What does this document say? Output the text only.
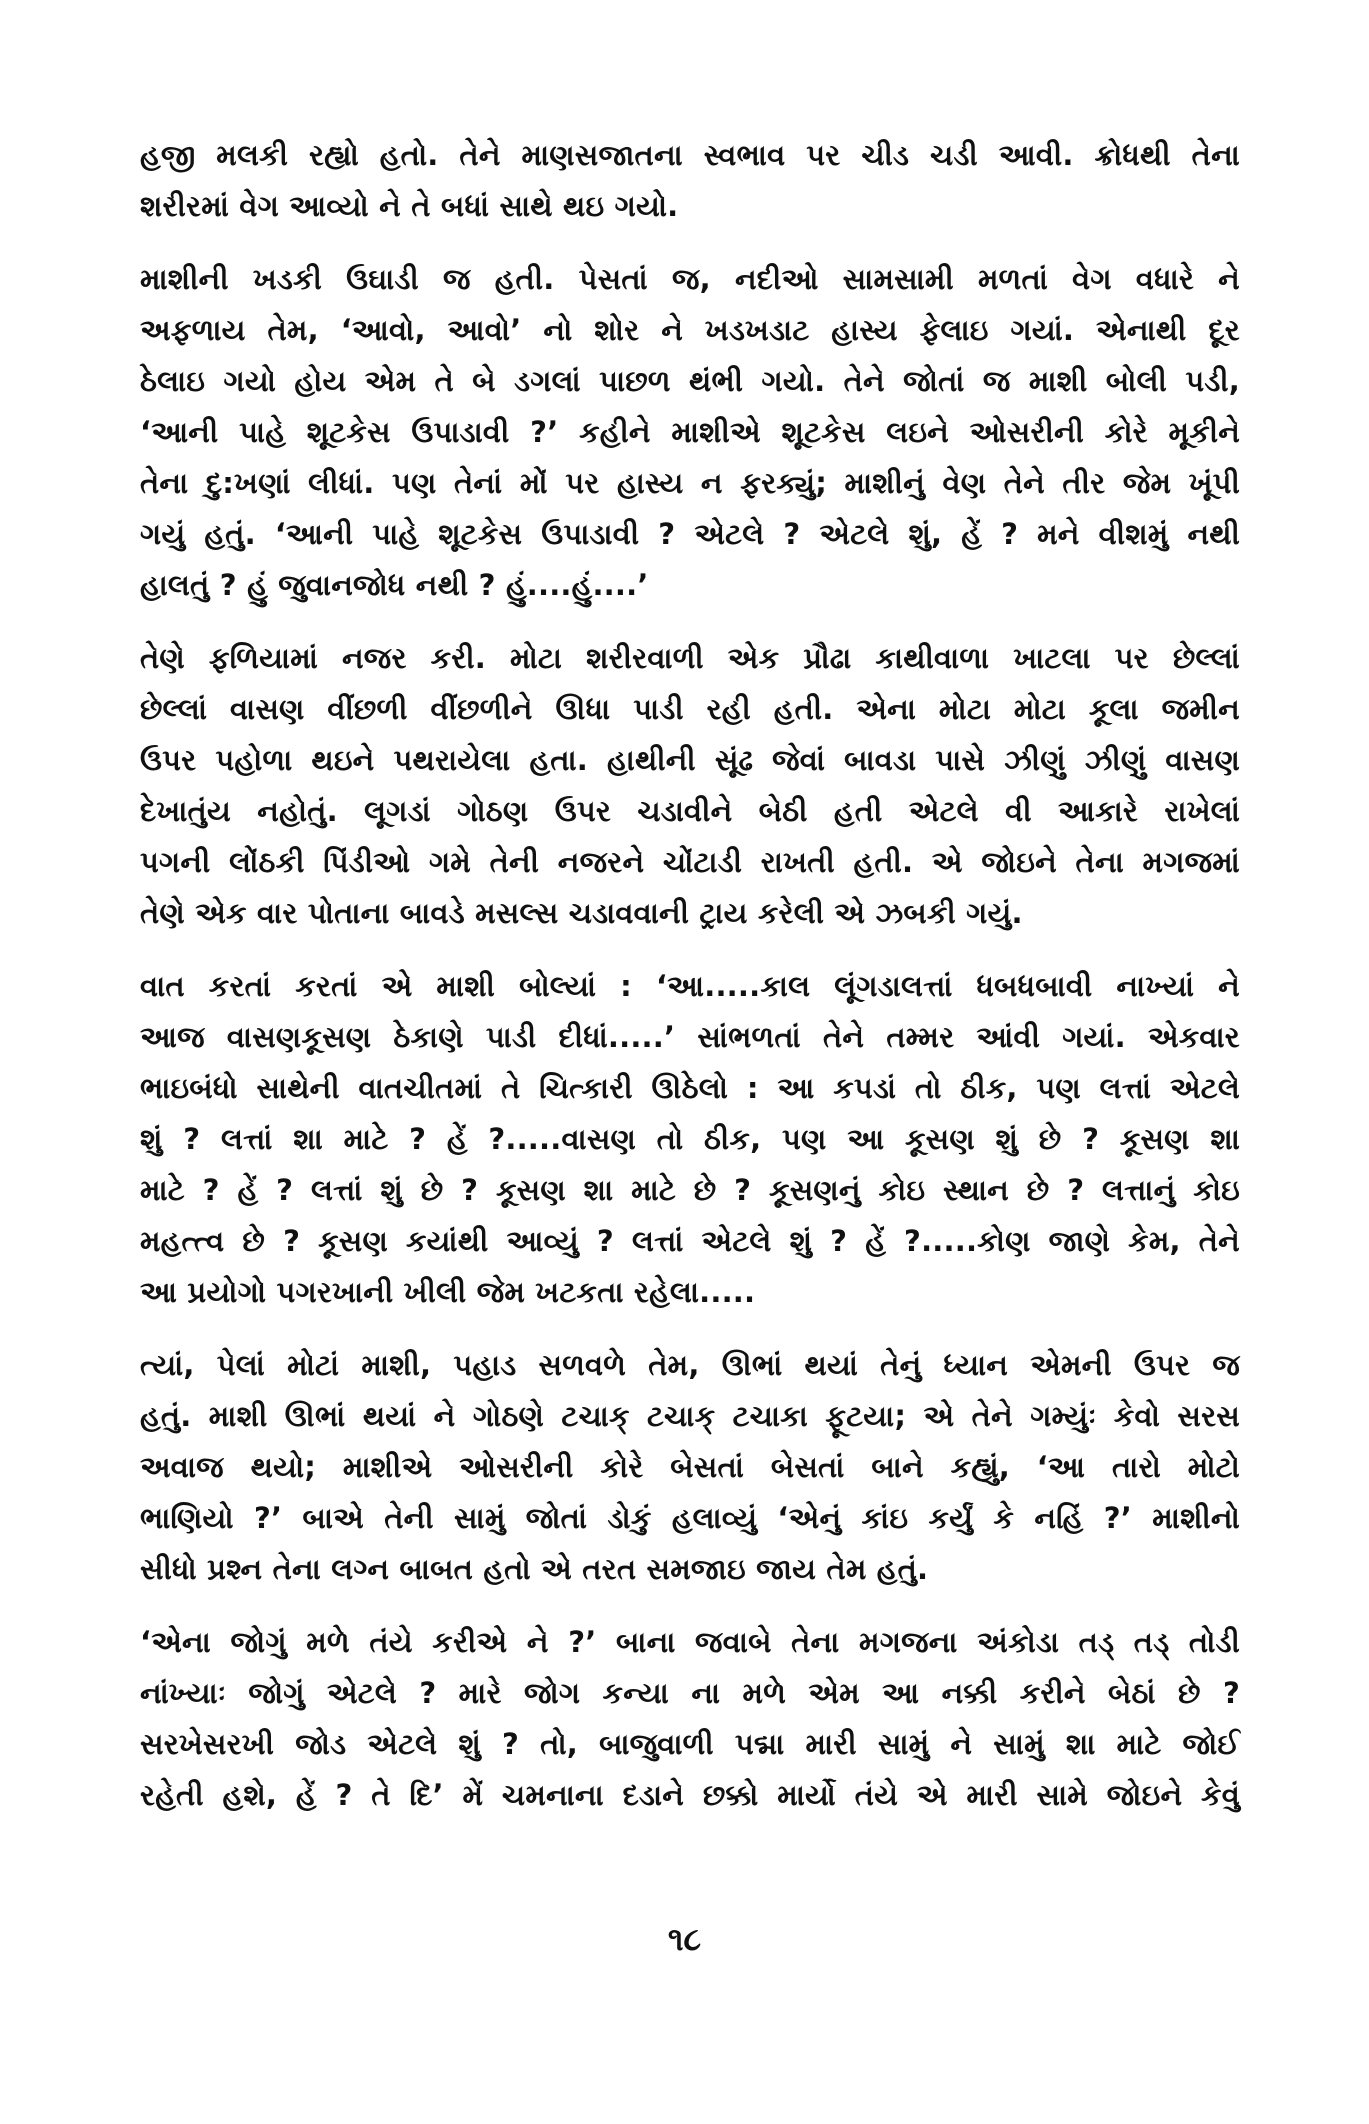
હજી મલકી રહ્યો હતો. તેને માણસજાતના સ્વભાવ પર ચીડ ચડી આવી. ક્રોધથી તેના
શરીરમાં વેગ આવ્યો ને તે બધાં સાથે થઇ ગયો.

માશીની ખડકી ઉઘાડી જ હતી. પેસતાં જ, નદીઓ સામસામી મળતાં વેગ વધારે ને
અફળાય તેમ, ‘આવો, આવો’ નો શોર ને ખડખડાટ હાસ્ય ફેલાઇ ગયાં. એનાથી દૂર
ઠેલાઇ ગયો હોય એમ તે બે ડગલાં પાછળ થંભી ગયો. તેને જોતાં જ માશી બોલી પડી,
‘આની પાહે શૂટકેસ ઉપાડાવી ?’ કહીને માશીએ શૂટકેસ લઇને ઓસરીની કોરે મૂકીને
તેના દુ:ખણાં લીધાં. પણ તેનાં મોં પર હાસ્ય ન ફરક્યું; માશીનું વેણ તેને તીર જેમ ખૂંપી
ગયું હતું. ‘આની પાહે શૂટકેસ ઉપાડાવી ? એટલે ? એટલે શું, હેં ? મને વીશમું નથી
હાલતું ? હું જુવાનજોધ નથી ? હું....હું....’

તેણે ફળિયામાં નજર કરી. મોટા શરીરવાળી એક પ્રૌઢા કાથીવાળા ખાટલા પર છેલ્લાં
છેલ્લાં વાસણ વીંછળી વીંછળીને ઊધા પાડી રહી હતી. એના મોટા મોટા કૂલા જમીન
ઉપર પહોળા થઇને પથરાયેલા હતા. હાથીની સૂંઢ જેવાં બાવડા પાસે ઝીણું ઝીણું વાસણ
દેખાતુંય નહોતું. લૂગડાં ગોઠણ ઉપર ચડાવીને બેઠી હતી એટલે વી આકારે રાખેલાં
પગની લોંઠકી પિંડીઓ ગમે તેની નજરને ચોંટાડી રાખતી હતી. એ જોઇને તેના મગજમાં
તેણે એક વાર પોતાના બાવડે મસલ્સ ચડાવવાની ટ્રાય કરેલી એ ઝબકી ગયું.

વાત કરતાં કરતાં એ માશી બોલ્યાં : ‘આ.....કાલ લૂંગડાલત્તાં ધબધબાવી નાખ્યાં ને
આજ વાસણકૂસણ ઠેકાણે પાડી દીધાં.....’ સાંભળતાં તેને તમ્મર આંવી ગયાં. એકવાર
ભાઇબંધો સાથેની વાતચીતમાં તે ચિત્કારી ઊઠેલો : આ કપડાં તો ઠીક, પણ લત્તાં એટલે
શું ? લત્તાં શા માટે ? હેં ?.....વાસણ તો ઠીક, પણ આ કૂસણ શું છે ? કૂસણ શા
માટે ? હેં ? લત્તાં શું છે ? કૂસણ શા માટે છે ? કૂસણનું કોઇ સ્થાન છે ? લત્તાનું કોઇ
મહત્ત્વ છે ? કૂસણ કયાંથી આવ્યું ? લત્તાં એટલે શું ? હેં ?.....કોણ જાણે કેમ, તેને
આ પ્રયોગો પગરખાની ખીલી જેમ ખટકતા રહેલા.....

ત્યાં, પેલાં મોટાં માશી, પહાડ સળવળે તેમ, ઊભાં થયાં તેનું ધ્યાન એમની ઉપર જ
હતું. માશી ઊભાં થયાં ને ગોઠણે ટચાક્ ટચાક્ ટચાકા ફૂટયા; એ તેને ગમ્યુંઃ કેવો સરસ
અવાજ થયો; માશીએ ઓસરીની કોરે બેસતાં બેસતાં બાને કહ્યું, ‘આ તારો મોટો
ભાણિયો ?’ બાએ તેની સામું જોતાં ડોકું હલાવ્યું ‘એનું કાંઇ કર્યું કે નહિં ?’ માશીનો
સીધો પ્રશ્ન તેના લગ્ન બાબત હતો એ તરત સમજાઇ જાય તેમ હતું.

‘એના જોગું મળે તંયે કરીએ ને ?’ બાના જવાબે તેના મગજના અંકોડા તડ્ તડ્ તોડી
નાંખ્યાઃ જોગું એટલે ? મારે જોગ કન્યા ના મળે એમ આ નક્કી કરીને બેઠાં છે ?
સરખેસરખી જોડ એટલે શું ? તો, બાજુવાળી પદ્મા મારી સામું ને સામું શા માટે જોઈ
રહેતી હશે, હેં ? તે દિ’ મેં ચમનાના દડાને છક્કો માર્યો તંયે એ મારી સામે જોઇને કેવું

૧૮
